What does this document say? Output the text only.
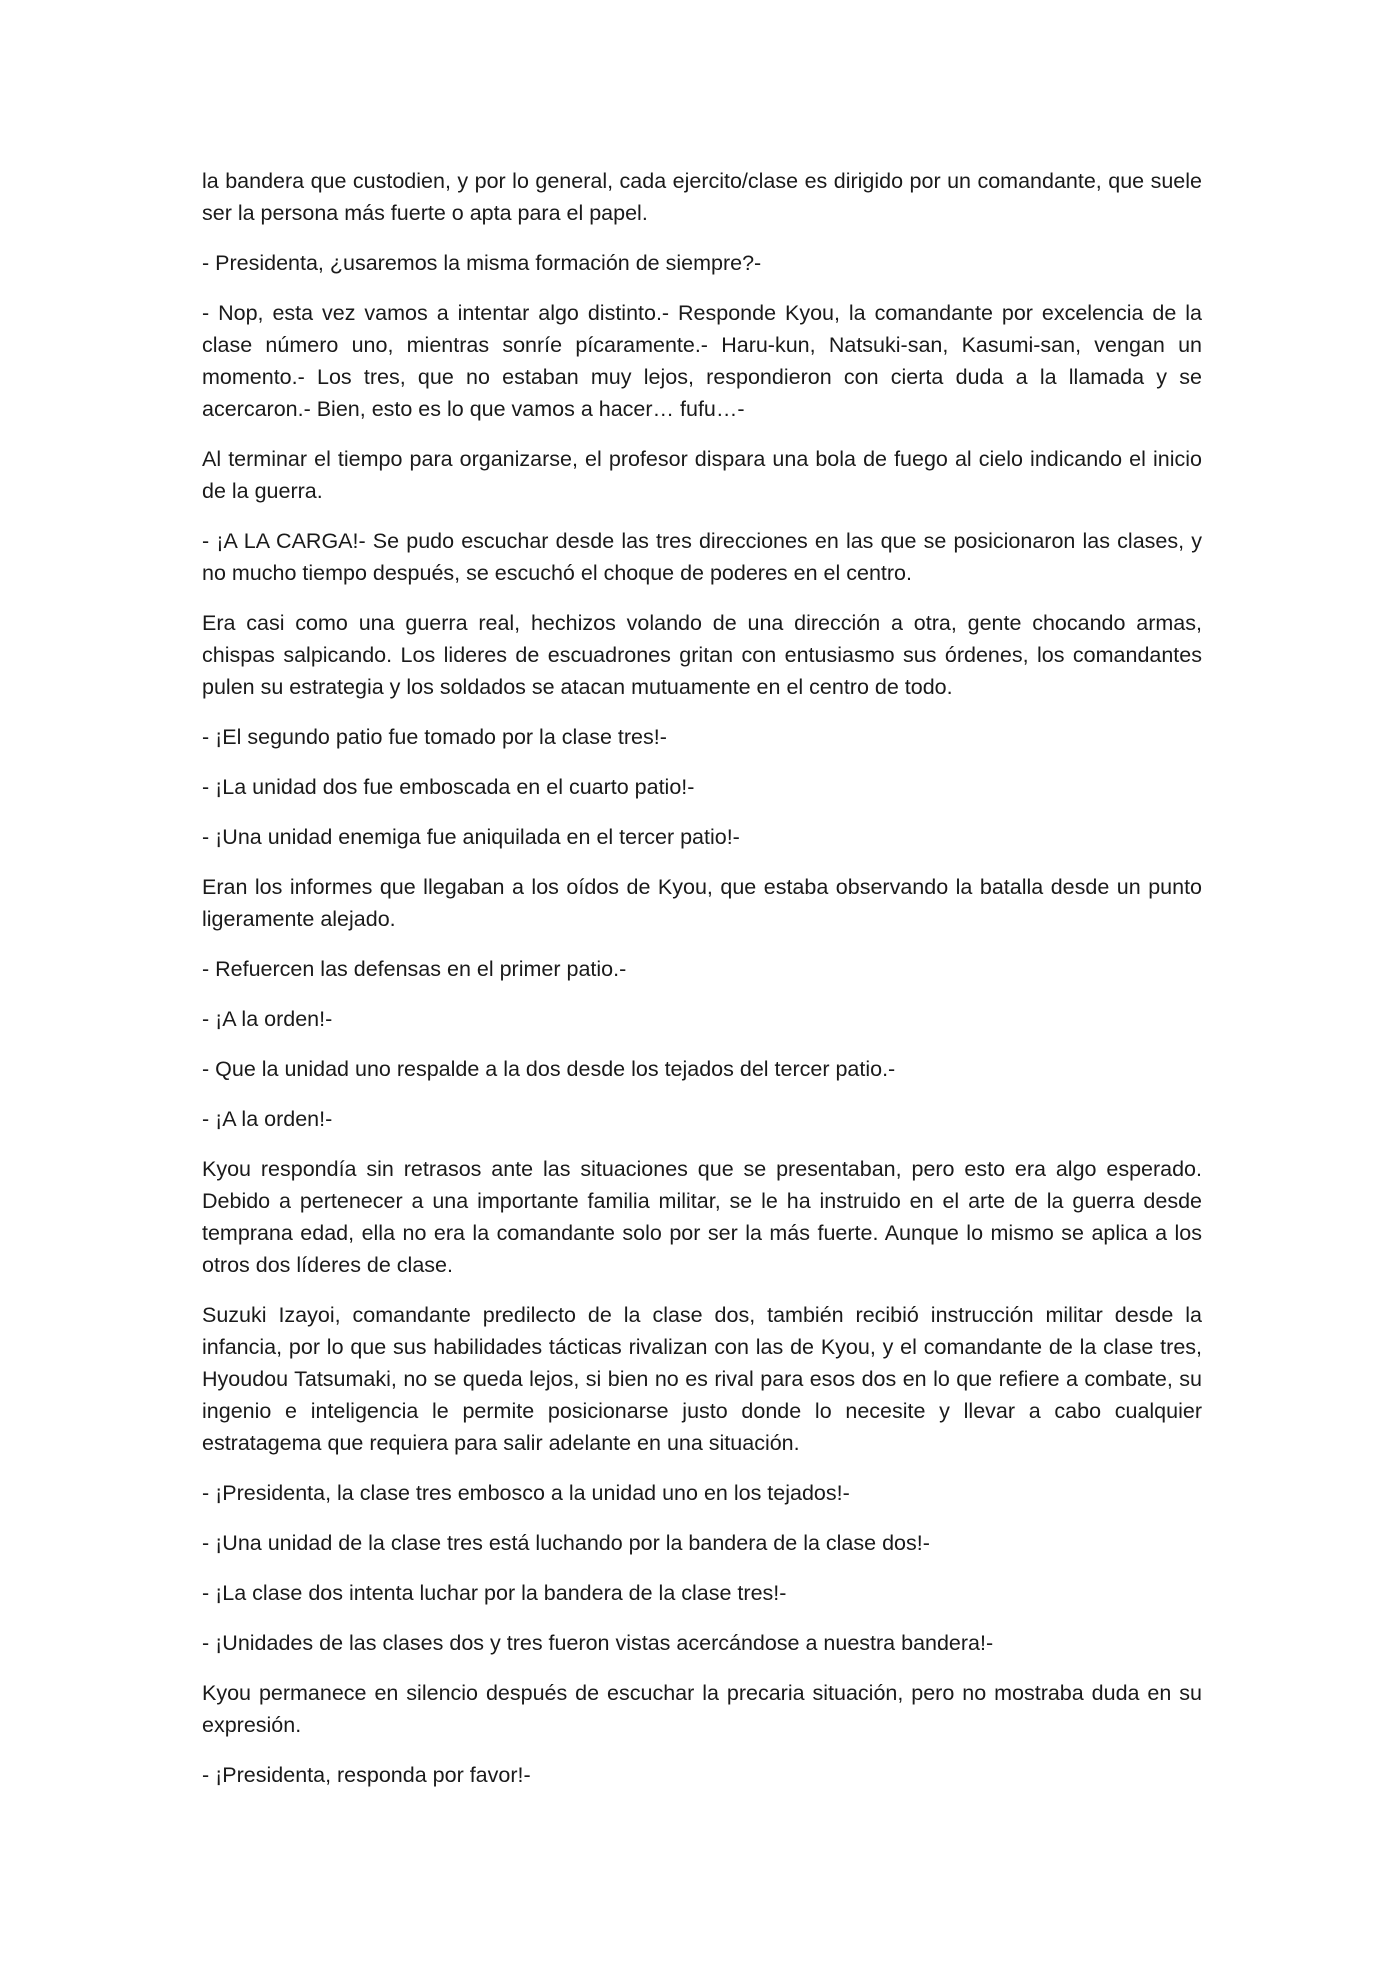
la bandera que custodien, y por lo general, cada ejercito/clase es dirigido por un comandante, que suele ser la persona más fuerte o apta para el papel.

- Presidenta, ¿usaremos la misma formación de siempre?-

- Nop, esta vez vamos a intentar algo distinto.- Responde Kyou, la comandante por excelencia de la clase número uno, mientras sonríe pícaramente.- Haru-kun, Natsuki-san, Kasumi-san, vengan un momento.- Los tres, que no estaban muy lejos, respondieron con cierta duda a la llamada y se acercaron.- Bien, esto es lo que vamos a hacer… fufu…-

Al terminar el tiempo para organizarse, el profesor dispara una bola de fuego al cielo indicando el inicio de la guerra.

- ¡A LA CARGA!- Se pudo escuchar desde las tres direcciones en las que se posicionaron las clases, y no mucho tiempo después, se escuchó el choque de poderes en el centro.

Era casi como una guerra real, hechizos volando de una dirección a otra, gente chocando armas, chispas salpicando. Los lideres de escuadrones gritan con entusiasmo sus órdenes, los comandantes pulen su estrategia y los soldados se atacan mutuamente en el centro de todo.

- ¡El segundo patio fue tomado por la clase tres!-

- ¡La unidad dos fue emboscada en el cuarto patio!-

- ¡Una unidad enemiga fue aniquilada en el tercer patio!-

Eran los informes que llegaban a los oídos de Kyou, que estaba observando la batalla desde un punto ligeramente alejado.

- Refuercen las defensas en el primer patio.-

- ¡A la orden!-

- Que la unidad uno respalde a la dos desde los tejados del tercer patio.-

- ¡A la orden!-

Kyou respondía sin retrasos ante las situaciones que se presentaban, pero esto era algo esperado. Debido a pertenecer a una importante familia militar, se le ha instruido en el arte de la guerra desde temprana edad, ella no era la comandante solo por ser la más fuerte. Aunque lo mismo se aplica a los otros dos líderes de clase.

Suzuki Izayoi, comandante predilecto de la clase dos, también recibió instrucción militar desde la infancia, por lo que sus habilidades tácticas rivalizan con las de Kyou, y el comandante de la clase tres, Hyoudou Tatsumaki, no se queda lejos, si bien no es rival para esos dos en lo que refiere a combate, su ingenio e inteligencia le permite posicionarse justo donde lo necesite y llevar a cabo cualquier estratagema que requiera para salir adelante en una situación.

- ¡Presidenta, la clase tres embosco a la unidad uno en los tejados!-

- ¡Una unidad de la clase tres está luchando por la bandera de la clase dos!-

- ¡La clase dos intenta luchar por la bandera de la clase tres!-

- ¡Unidades de las clases dos y tres fueron vistas acercándose a nuestra bandera!-

Kyou permanece en silencio después de escuchar la precaria situación, pero no mostraba duda en su expresión.

- ¡Presidenta, responda por favor!-
